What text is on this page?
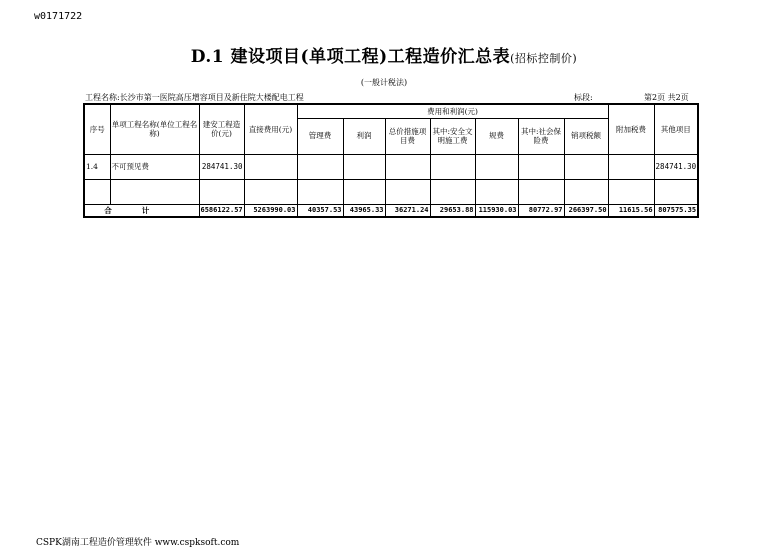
w0171722
D.1 建设项目(单项工程)工程造价汇总表(招标控制价)
(一般计税法)
工程名称:长沙市第一医院高压增容项目及新住院大楼配电工程	标段:	第2页 共2页
序号	单项工程名称(单位工程名称)	建安工程造价(元)	直接费用(元)	费用和利润(元)							附加税费	其他项目
				管理费	利润	总价措施项目费	其中:安全文明施工费	规费	其中:社会保险费	销项税额		
1.4	不可预见费	284741.30										284741.30

合计		6586122.57	5263990.03	40357.53	43965.33	36271.24	29653.88	115930.03	80772.97	266397.50	11615.56	807575.35
CSPK湖南工程造价管理软件 www.cspksoft.com
